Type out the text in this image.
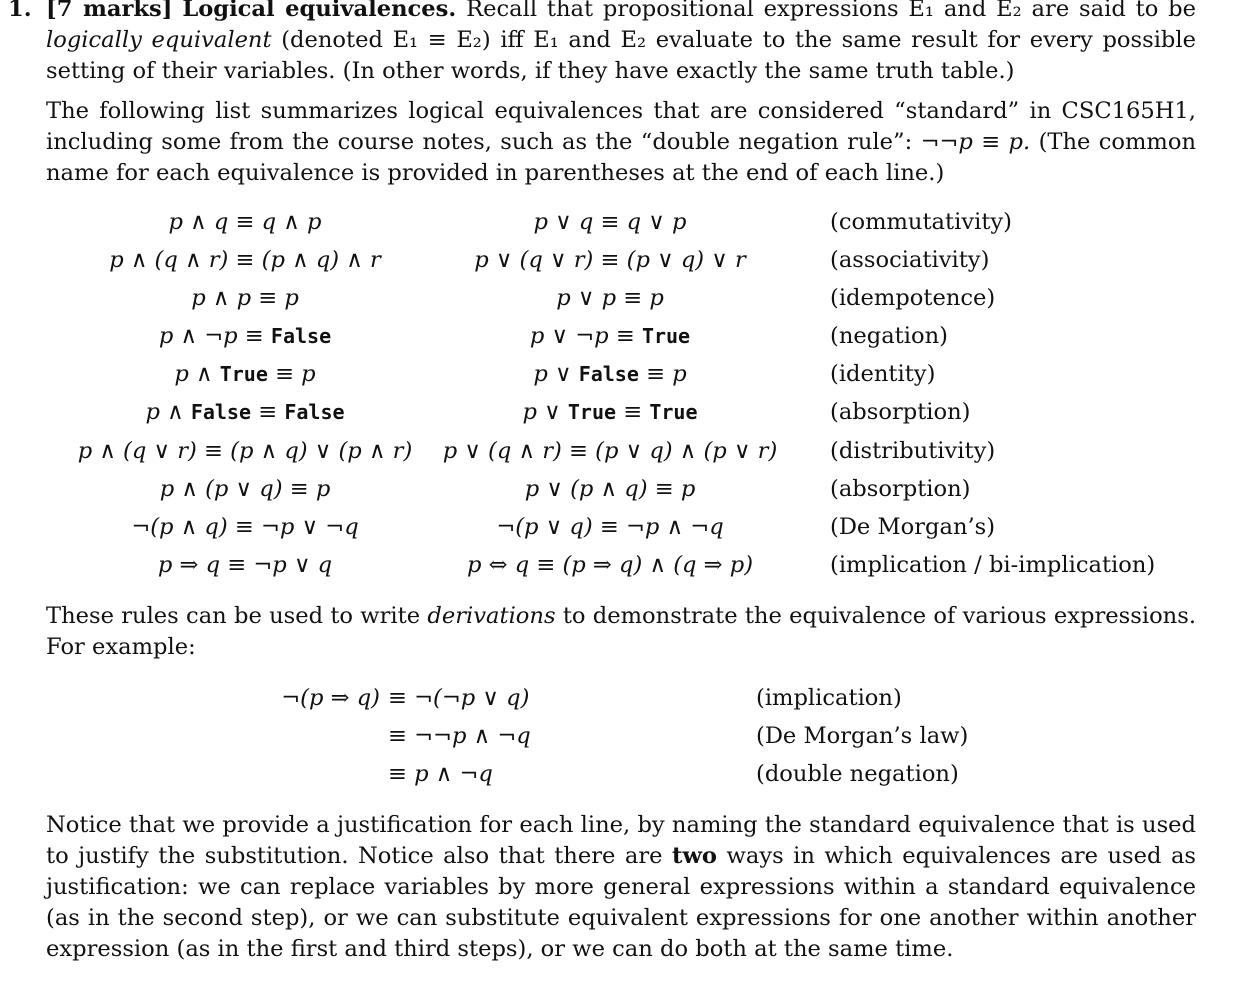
1. [7 marks] Logical equivalences. Recall that propositional expressions E₁ and E₂ are said to be logically equivalent (denoted E₁ ≡ E₂) iff E₁ and E₂ evaluate to the same result for every possible setting of their variables. (In other words, if they have exactly the same truth table.)
The following list summarizes logical equivalences that are considered “standard” in CSC165H1, including some from the course notes, such as the “double negation rule”: ¬¬p ≡ p. (The common name for each equivalence is provided in parentheses at the end of each line.)
p ∧ q ≡ q ∧ p	p ∨ q ≡ q ∨ p	(commutativity)
p ∧ (q ∧ r) ≡ (p ∧ q) ∧ r	p ∨ (q ∨ r) ≡ (p ∨ q) ∨ r	(associativity)
p ∧ p ≡ p	p ∨ p ≡ p	(idempotence)
p ∧ ¬p ≡ False	p ∨ ¬p ≡ True	(negation)
p ∧ True ≡ p	p ∨ False ≡ p	(identity)
p ∧ False ≡ False	p ∨ True ≡ True	(absorption)
p ∧ (q ∨ r) ≡ (p ∧ q) ∨ (p ∧ r)	p ∨ (q ∧ r) ≡ (p ∨ q) ∧ (p ∨ r)	(distributivity)
p ∧ (p ∨ q) ≡ p	p ∨ (p ∧ q) ≡ p	(absorption)
¬(p ∧ q) ≡ ¬p ∨ ¬q	¬(p ∨ q) ≡ ¬p ∧ ¬q	(De Morgan’s)
p ⇒ q ≡ ¬p ∨ q	p ⇔ q ≡ (p ⇒ q) ∧ (q ⇒ p)	(implication / bi-implication)
These rules can be used to write derivations to demonstrate the equivalence of various expressions. For example:
¬(p ⇒ q) ≡ ¬(¬p ∨ q)	(implication)
≡ ¬¬p ∧ ¬q	(De Morgan’s law)
≡ p ∧ ¬q	(double negation)
Notice that we provide a justification for each line, by naming the standard equivalence that is used to justify the substitution. Notice also that there are two ways in which equivalences are used as justification: we can replace variables by more general expressions within a standard equivalence (as in the second step), or we can substitute equivalent expressions for one another within another expression (as in the first and third steps), or we can do both at the same time.
